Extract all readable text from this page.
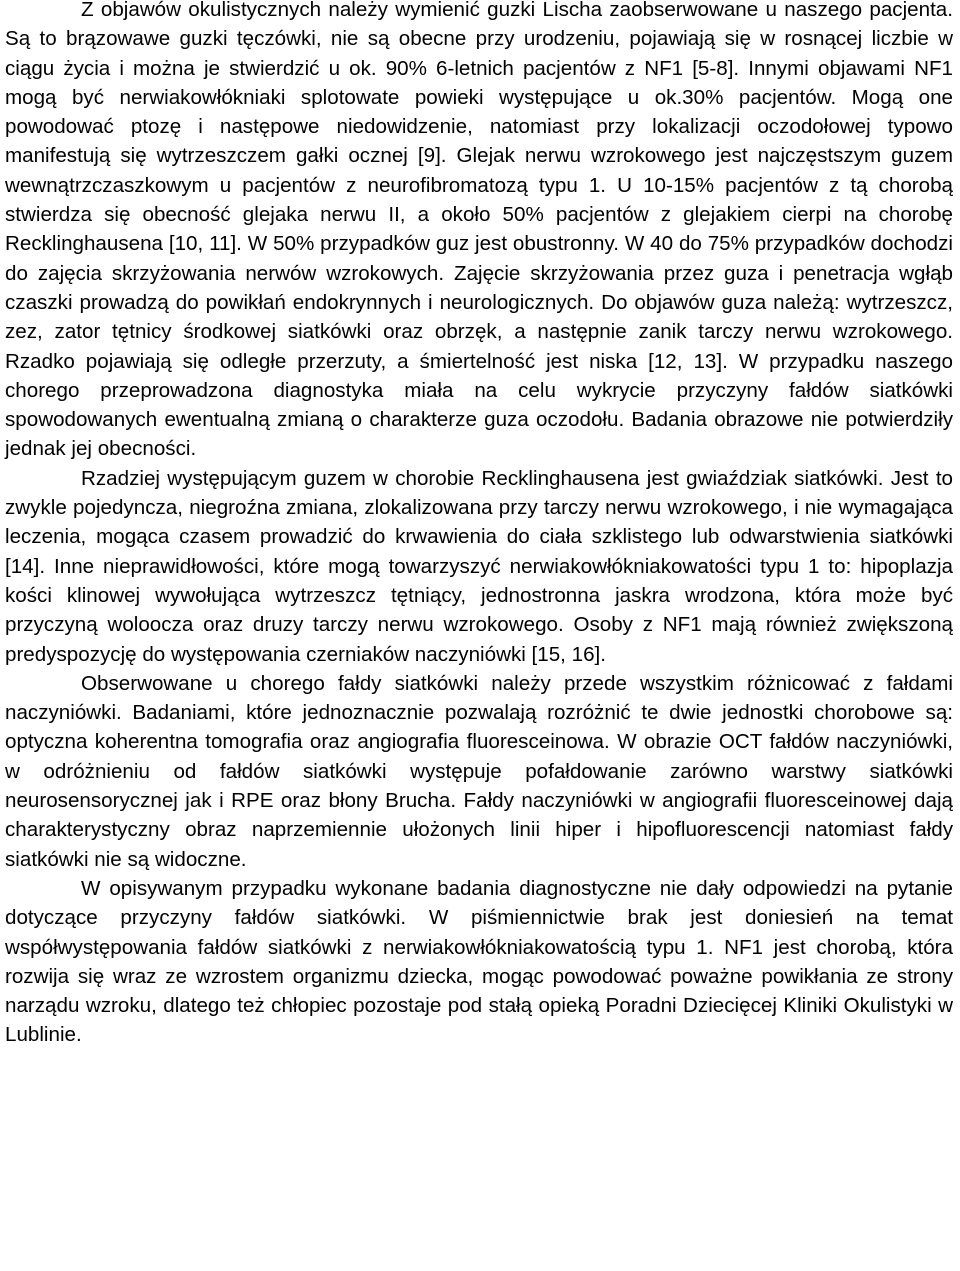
Z objawów okulistycznych należy wymienić guzki Lischa zaobserwowane u naszego pacjenta. Są to brązowawe guzki tęczówki, nie są obecne przy urodzeniu, pojawiają się w rosnącej liczbie w ciągu życia i można je stwierdzić u ok. 90% 6-letnich pacjentów z NF1 [5-8]. Innymi objawami NF1 mogą być nerwiakowłókniaki splotowate powieki występujące u ok.30% pacjentów. Mogą one powodować ptozę i następowe niedowidzenie, natomiast przy lokalizacji oczodołowej typowo manifestują się wytrzeszczem gałki ocznej [9]. Glejak nerwu wzrokowego jest najczęstszym guzem wewnątrzczaszkowym u pacjentów z neurofibromatozą typu 1. U 10-15% pacjentów z tą chorobą stwierdza się obecność glejaka nerwu II, a około 50% pacjentów z glejakiem cierpi na chorobę Recklinghausena [10, 11]. W 50% przypadków guz jest obustronny. W 40 do 75% przypadków dochodzi do zajęcia skrzyżowania nerwów wzrokowych. Zajęcie skrzyżowania przez guza i penetracja wgłąb czaszki prowadzą do powikłań endokrynnych i neurologicznych. Do objawów guza należą: wytrzeszcz, zez, zator tętnicy środkowej siatkówki oraz obrzęk, a następnie zanik tarczy nerwu wzrokowego. Rzadko pojawiają się odległe przerzuty, a śmiertelność jest niska [12, 13]. W przypadku naszego chorego przeprowadzona diagnostyka miała na celu wykrycie przyczyny fałdów siatkówki spowodowanych ewentualną zmianą o charakterze guza oczodołu. Badania obrazowe nie potwierdziły jednak jej obecności.

Rzadziej występującym guzem w chorobie Recklinghausena jest gwiaździak siatkówki. Jest to zwykle pojedyncza, niegroźna zmiana, zlokalizowana przy tarczy nerwu wzrokowego, i nie wymagająca leczenia, mogąca czasem prowadzić do krwawienia do ciała szklistego lub odwarstwienia siatkówki [14]. Inne nieprawidłowości, które mogą towarzyszyć nerwiakowłókniakowatości typu 1 to: hipoplazja kości klinowej wywołująca wytrzeszcz tętniący, jednostronna jaskra wrodzona, która może być przyczyną woloocza oraz druzy tarczy nerwu wzrokowego. Osoby z NF1 mają również zwiększoną predyspozycję do występowania czerniaków naczyniówki [15, 16].

Obserwowane u chorego fałdy siatkówki należy przede wszystkim różnicować z fałdami naczyniówki. Badaniami, które jednoznacznie pozwalają rozróżnić te dwie jednostki chorobowe są: optyczna koherentna tomografia oraz angiografia fluoresceinowa. W obrazie OCT fałdów naczyniówki, w odróżnieniu od fałdów siatkówki występuje pofałdowanie zarówno warstwy siatkówki neurosensorycznej jak i RPE oraz błony Brucha. Fałdy naczyniówki w angiografii fluoresceinowej dają charakterystyczny obraz naprzemiennie ułożonych linii hiper i hipofluorescencji natomiast fałdy siatkówki nie są widoczne.

W opisywanym przypadku wykonane badania diagnostyczne nie dały odpowiedzi na pytanie dotyczące przyczyny fałdów siatkówki. W piśmiennictwie brak jest doniesień na temat współwystępowania fałdów siatkówki z nerwiakowłókniakowatością typu 1. NF1 jest chorobą, która rozwija się wraz ze wzrostem organizmu dziecka, mogąc powodować poważne powikłania ze strony narządu wzroku, dlatego też chłopiec pozostaje pod stałą opieką Poradni Dziecięcej Kliniki Okulistyki w Lublinie.
